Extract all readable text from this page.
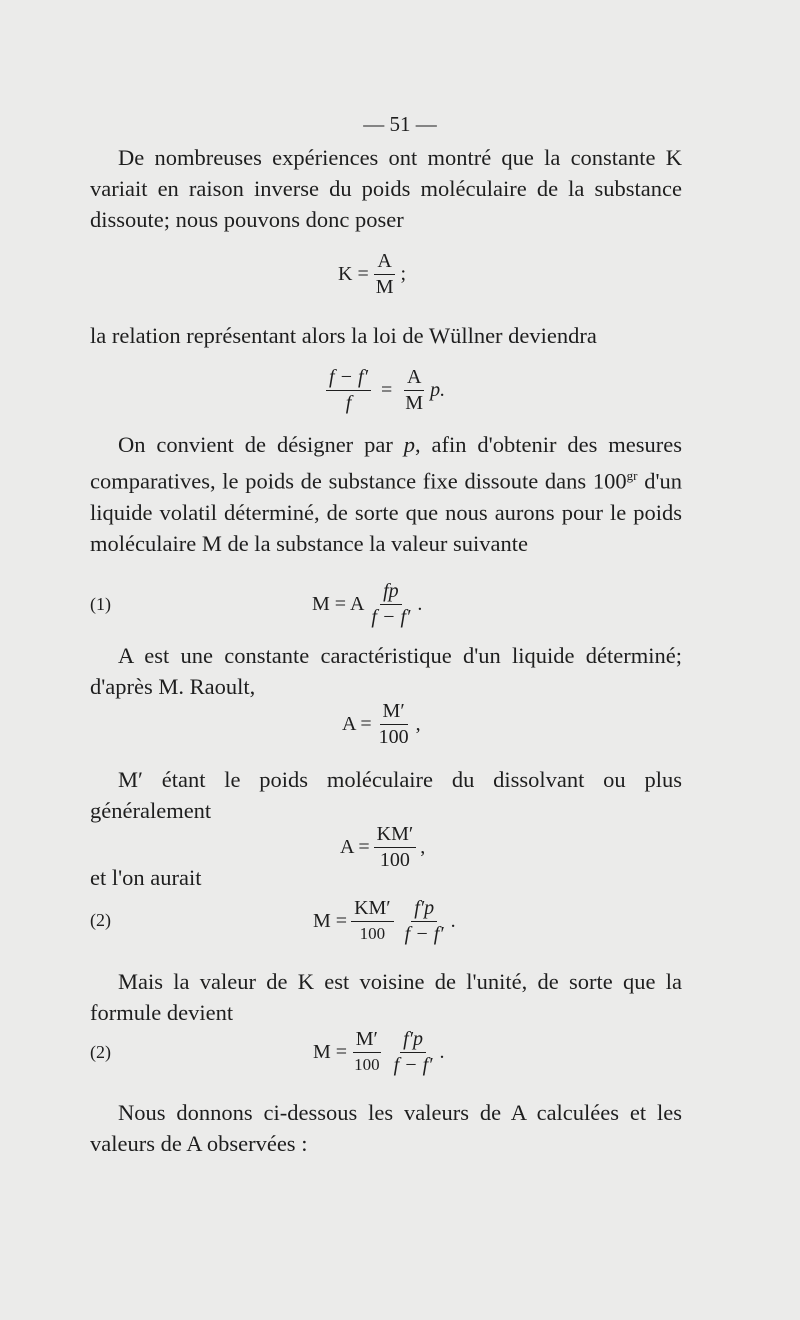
— 51 —
De nombreuses expériences ont montré que la constante K variait en raison inverse du poids moléculaire de la substance dissoute; nous pouvons donc poser
$K = \frac{A}{M}$ ;
la relation représentant alors la loi de Wüllner deviendra
$\frac{f - f'}{f} = \frac{A}{M} p$.
On convient de désigner par p, afin d'obtenir des mesures comparatives, le poids de substance fixe dissoute dans $100^{gr}$ d'un liquide volatil déterminé, de sorte que nous aurons pour le poids moléculaire M de la substance la valeur suivante
(1)	M = A $\frac{fp}{f - f'}$ .
A est une constante caractéristique d'un liquide déterminé; d'après M. Raoult,
$A = \frac{M'}{100}$ ,
M′ étant le poids moléculaire du dissolvant ou plus généralement
$A = \frac{KM'}{100}$ ,
et l'on aurait
(2)	$M = \frac{KM'}{100} \frac{f'p}{f - f'}$ .
Mais la valeur de K est voisine de l'unité, de sorte que la formule devient
(2)	$M = \frac{M'}{100} \frac{f'p}{f - f'}$ .
Nous donnons ci-dessous les valeurs de A calculées et les valeurs de A observées :
